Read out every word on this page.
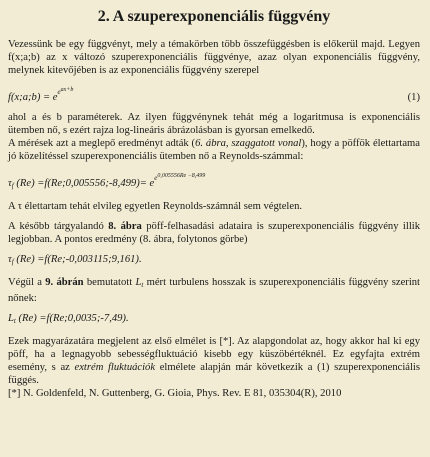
2. A szuperexponenciális függvény

Vezessünk be egy függvényt, mely a témakörben több összefüggésben is előkerül majd. Legyen f(x;a;b) az x változó szuperexponenciális függvénye, azaz olyan exponenciális függvény, melynek kitevőjében is az exponenciális függvény szerepel

f(x;a;b) = $e^{eax+b}$
(1)

ahol a és b paraméterek. Az ilyen függvénynek tehát még a logaritmusa is exponenciális ütemben nő, s ezért rajza log-lineáris ábrázolásban is gyorsan emelkedő.

A mérések azt a meglepő eredményt adták (6. ábra, szaggatott vonal), hogy a pöffök élettartama jó közelítéssel szuperexponenciális ütemben nő a Reynolds-számmal:

$\tau_f$ (Re) =f(Re;0,005556;-8,499)= $e^{e0,005556Re -8,499}$

A τ élettartam tehát elvileg egyetlen Reynolds-számnál sem végtelen.

A később tárgyalandó 8. ábra pöff-felhasadási adataira is szuperexponenciális függvény illik legjobban. A pontos eredmény (8. ábra, folytonos görbe)

$\tau_f$ (Re) =f(Re;-0,003115;9,161).

Végül a 9. ábrán bemutatott $L_t$ mért turbulens hosszak is szuperexponenciális függvény szerint nőnek:

$L_t$ (Re) =f(Re;0,0035;-7,49).

Ezek magyarázatára megjelent az első elmélet is [*]. Az alapgondolat az, hogy akkor hal ki egy pöff, ha a legnagyobb sebességfluktuáció kisebb egy küszöbértéknél. Ez egyfajta extrém esemény, s az extrém fluktuációk elmélete alapján már következik a (1) szuperexponenciális függés.

[*] N. Goldenfeld, N. Guttenberg, G. Gioia, Phys. Rev. E 81, 035304(R), 2010
